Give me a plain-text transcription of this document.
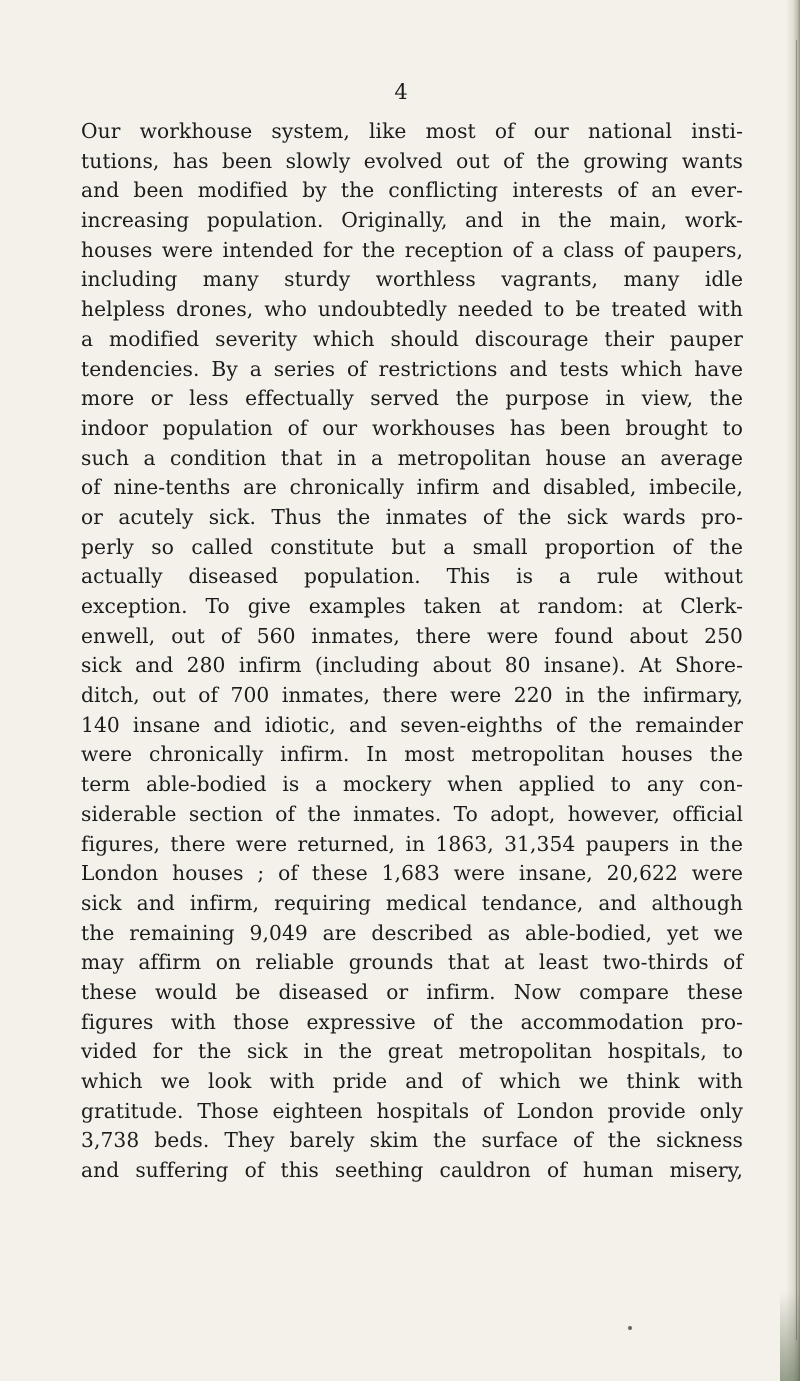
4
Our workhouse system, like most of our national insti-
tutions, has been slowly evolved out of the growing wants
and been modified by the conflicting interests of an ever-
increasing population. Originally, and in the main, work-
houses were intended for the reception of a class of paupers,
including many sturdy worthless vagrants, many idle
helpless drones, who undoubtedly needed to be treated with
a modified severity which should discourage their pauper
tendencies. By a series of restrictions and tests which have
more or less effectually served the purpose in view, the
indoor population of our workhouses has been brought to
such a condition that in a metropolitan house an average
of nine-tenths are chronically infirm and disabled, imbecile,
or acutely sick. Thus the inmates of the sick wards pro-
perly so called constitute but a small proportion of the
actually diseased population. This is a rule without
exception. To give examples taken at random: at Clerk-
enwell, out of 560 inmates, there were found about 250
sick and 280 infirm (including about 80 insane). At Shore-
ditch, out of 700 inmates, there were 220 in the infirmary,
140 insane and idiotic, and seven-eighths of the remainder
were chronically infirm. In most metropolitan houses the
term able-bodied is a mockery when applied to any con-
siderable section of the inmates. To adopt, however, official
figures, there were returned, in 1863, 31,354 paupers in the
London houses ; of these 1,683 were insane, 20,622 were
sick and infirm, requiring medical tendance, and although
the remaining 9,049 are described as able-bodied, yet we
may affirm on reliable grounds that at least two-thirds of
these would be diseased or infirm. Now compare these
figures with those expressive of the accommodation pro-
vided for the sick in the great metropolitan hospitals, to
which we look with pride and of which we think with
gratitude. Those eighteen hospitals of London provide only
3,738 beds. They barely skim the surface of the sickness
and suffering of this seething cauldron of human misery,
